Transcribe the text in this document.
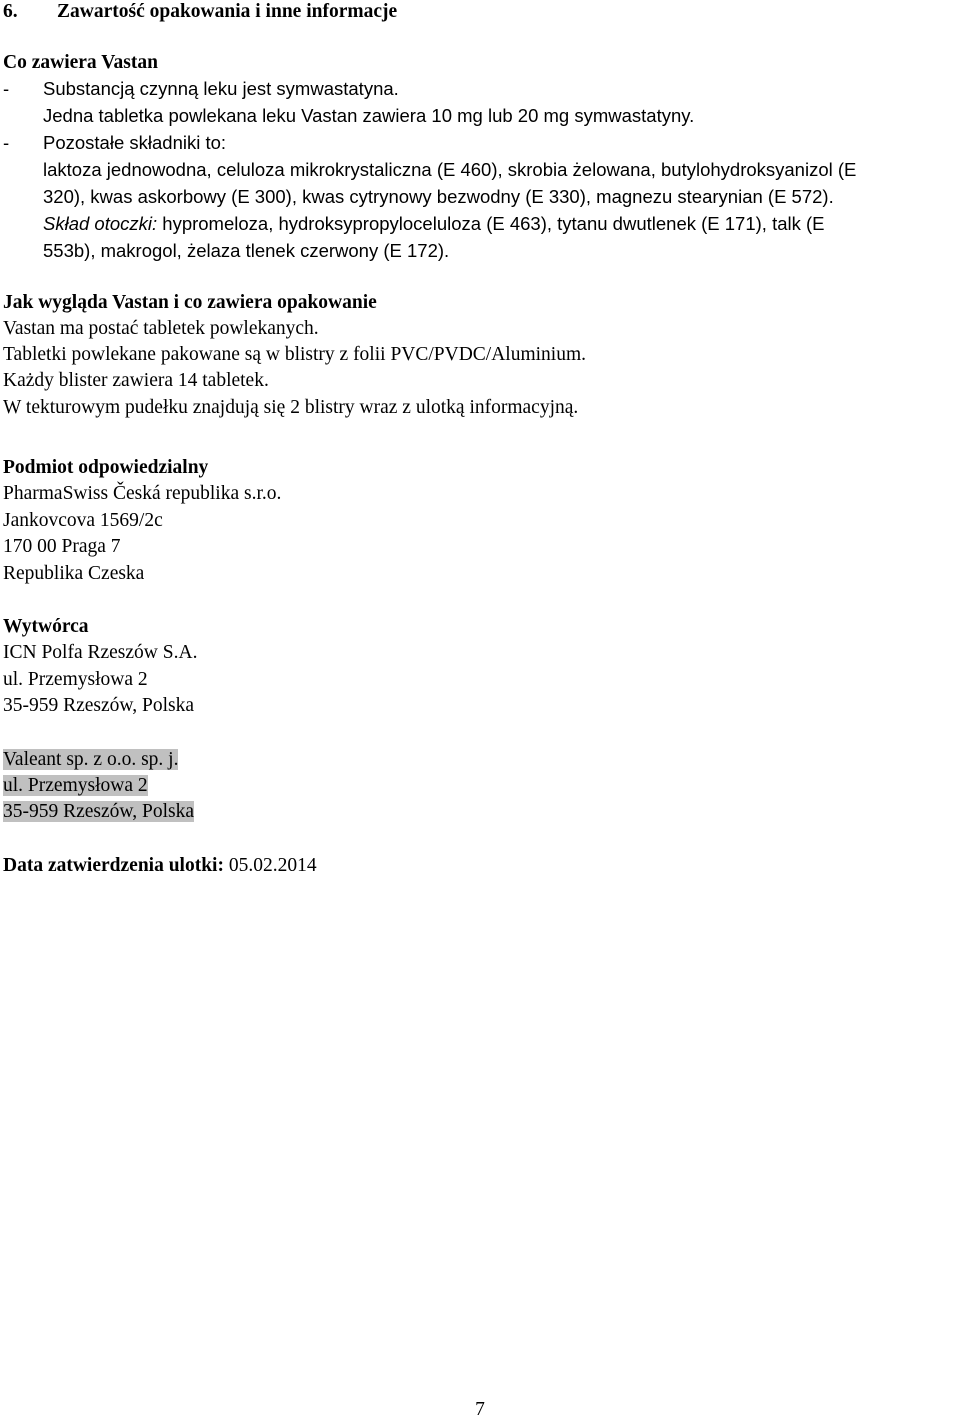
6. Zawartość opakowania i inne informacje
Co zawiera Vastan
- Substancją czynną leku jest symwastatyna.
Jedna tabletka powlekana leku Vastan zawiera 10 mg lub 20 mg symwastatyny.
- Pozostałe składniki to:
laktoza jednowodna, celuloza mikrokrystaliczna (E 460), skrobia żelowana, butylohydroksyanizol (E
320), kwas askorbowy (E 300), kwas cytrynowy bezwodny (E 330), magnezu stearynian (E 572).
Skład otoczki: hypromeloza, hydroksypropyloceluloza (E 463), tytanu dwutlenek (E 171), talk (E
553b), makrogol, żelaza tlenek czerwony (E 172).
Jak wygląda Vastan i co zawiera opakowanie
Vastan ma postać tabletek powlekanych.
Tabletki powlekane pakowane są w blistry z folii PVC/PVDC/Aluminium.
Każdy blister zawiera 14 tabletek.
W tekturowym pudełku znajdują się 2 blistry wraz z ulotką informacyjną.
Podmiot odpowiedzialny
PharmaSwiss Česká republika s.r.o.
Jankovcova 1569/2c
170 00 Praga 7
Republika Czeska
Wytwórca
ICN Polfa Rzeszów S.A.
ul. Przemysłowa 2
35-959 Rzeszów, Polska
Valeant sp. z o.o. sp. j.
ul. Przemysłowa 2
35-959 Rzeszów, Polska
Data zatwierdzenia ulotki: 05.02.2014
7
